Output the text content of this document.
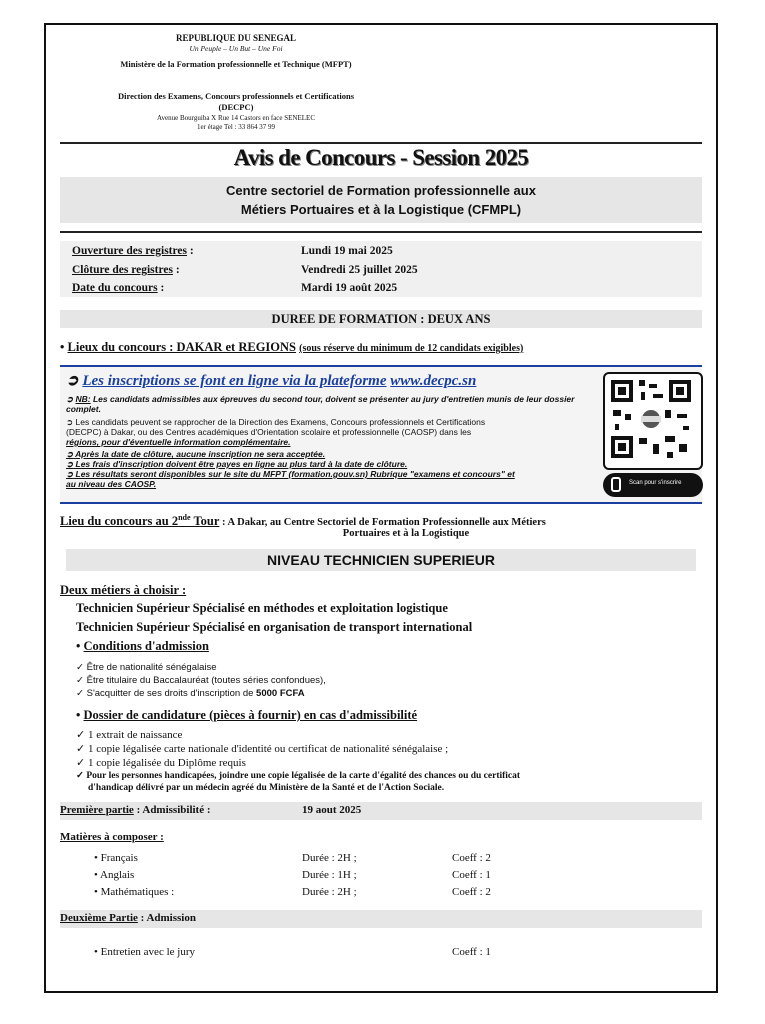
REPUBLIQUE DU SENEGAL
Un Peuple – Un But – Une Foi
Ministère de la Formation professionnelle et Technique (MFPT)
Direction des Examens, Concours professionnels et Certifications (DECPC)
Avenue Bourguiba X Rue 14 Castors en face SENELEC
1er étage Tel : 33 864 37 99
Avis de Concours - Session 2025
Centre sectoriel de Formation professionnelle aux
Métiers Portuaires et à la Logistique (CFMPL)
Ouverture des registres :	Lundi 19 mai 2025
Clôture des registres :	Vendredi 25 juillet 2025
Date du concours :	Mardi 19 août 2025
DUREE DE FORMATION : DEUX ANS
• Lieux du concours : DAKAR et REGIONS (sous réserve du minimum de 12 candidats exigibles)
➲ Les inscriptions se font en ligne via la plateforme www.decpc.sn
➲ NB: Les candidats admissibles aux épreuves du second tour, doivent se présenter au jury d'entretien munis de leur dossier complet.
➲ Les candidats peuvent se rapprocher de la Direction des Examens, Concours professionnels et Certifications
(DECPC) à Dakar, ou des Centres académiques d'Orientation scolaire et professionnelle (CAOSP) dans les
régions, pour d'éventuelle information complémentaire.
➲ Après la date de clôture, aucune inscription ne sera acceptée.
➲ Les frais d'inscription doivent être payes en ligne au plus tard à la date de clôture.
➲ Les résultats seront disponibles sur le site du MFPT (formation.gouv.sn) Rubrique "examens et concours" et
au niveau des CAOSP.	Scan pour s'inscrire
Lieu du concours au 2nde Tour : A Dakar, au Centre Sectoriel de Formation Professionnelle aux Métiers
Portuaires et à la Logistique
NIVEAU TECHNICIEN SUPERIEUR
Deux métiers à choisir :
Technicien Supérieur Spécialisé en méthodes et exploitation logistique
Technicien Supérieur Spécialisé en organisation de transport international
• Conditions d'admission
✓ Être de nationalité sénégalaise
✓ Être titulaire du Baccalauréat (toutes séries confondues),
✓ S'acquitter de ses droits d'inscription de 5000 FCFA
• Dossier de candidature (pièces à fournir) en cas d'admissibilité
✓ 1 extrait de naissance
✓ 1 copie légalisée carte nationale d'identité ou certificat de nationalité sénégalaise ;
✓ 1 copie légalisée du Diplôme requis
✓ Pour les personnes handicapées, joindre une copie légalisée de la carte d'égalité des chances ou du certificat
d'handicap délivré par un médecin agréé du Ministère de la Santé et de l'Action Sociale.
Première partie : Admissibilité :	19 aout 2025
Matières à composer :
• Français	Durée : 2H ;	Coeff : 2
• Anglais	Durée : 1H ;	Coeff : 1
• Mathématiques :	Durée : 2H ;	Coeff : 2
Deuxième Partie : Admission
• Entretien avec le jury	Coeff : 1
